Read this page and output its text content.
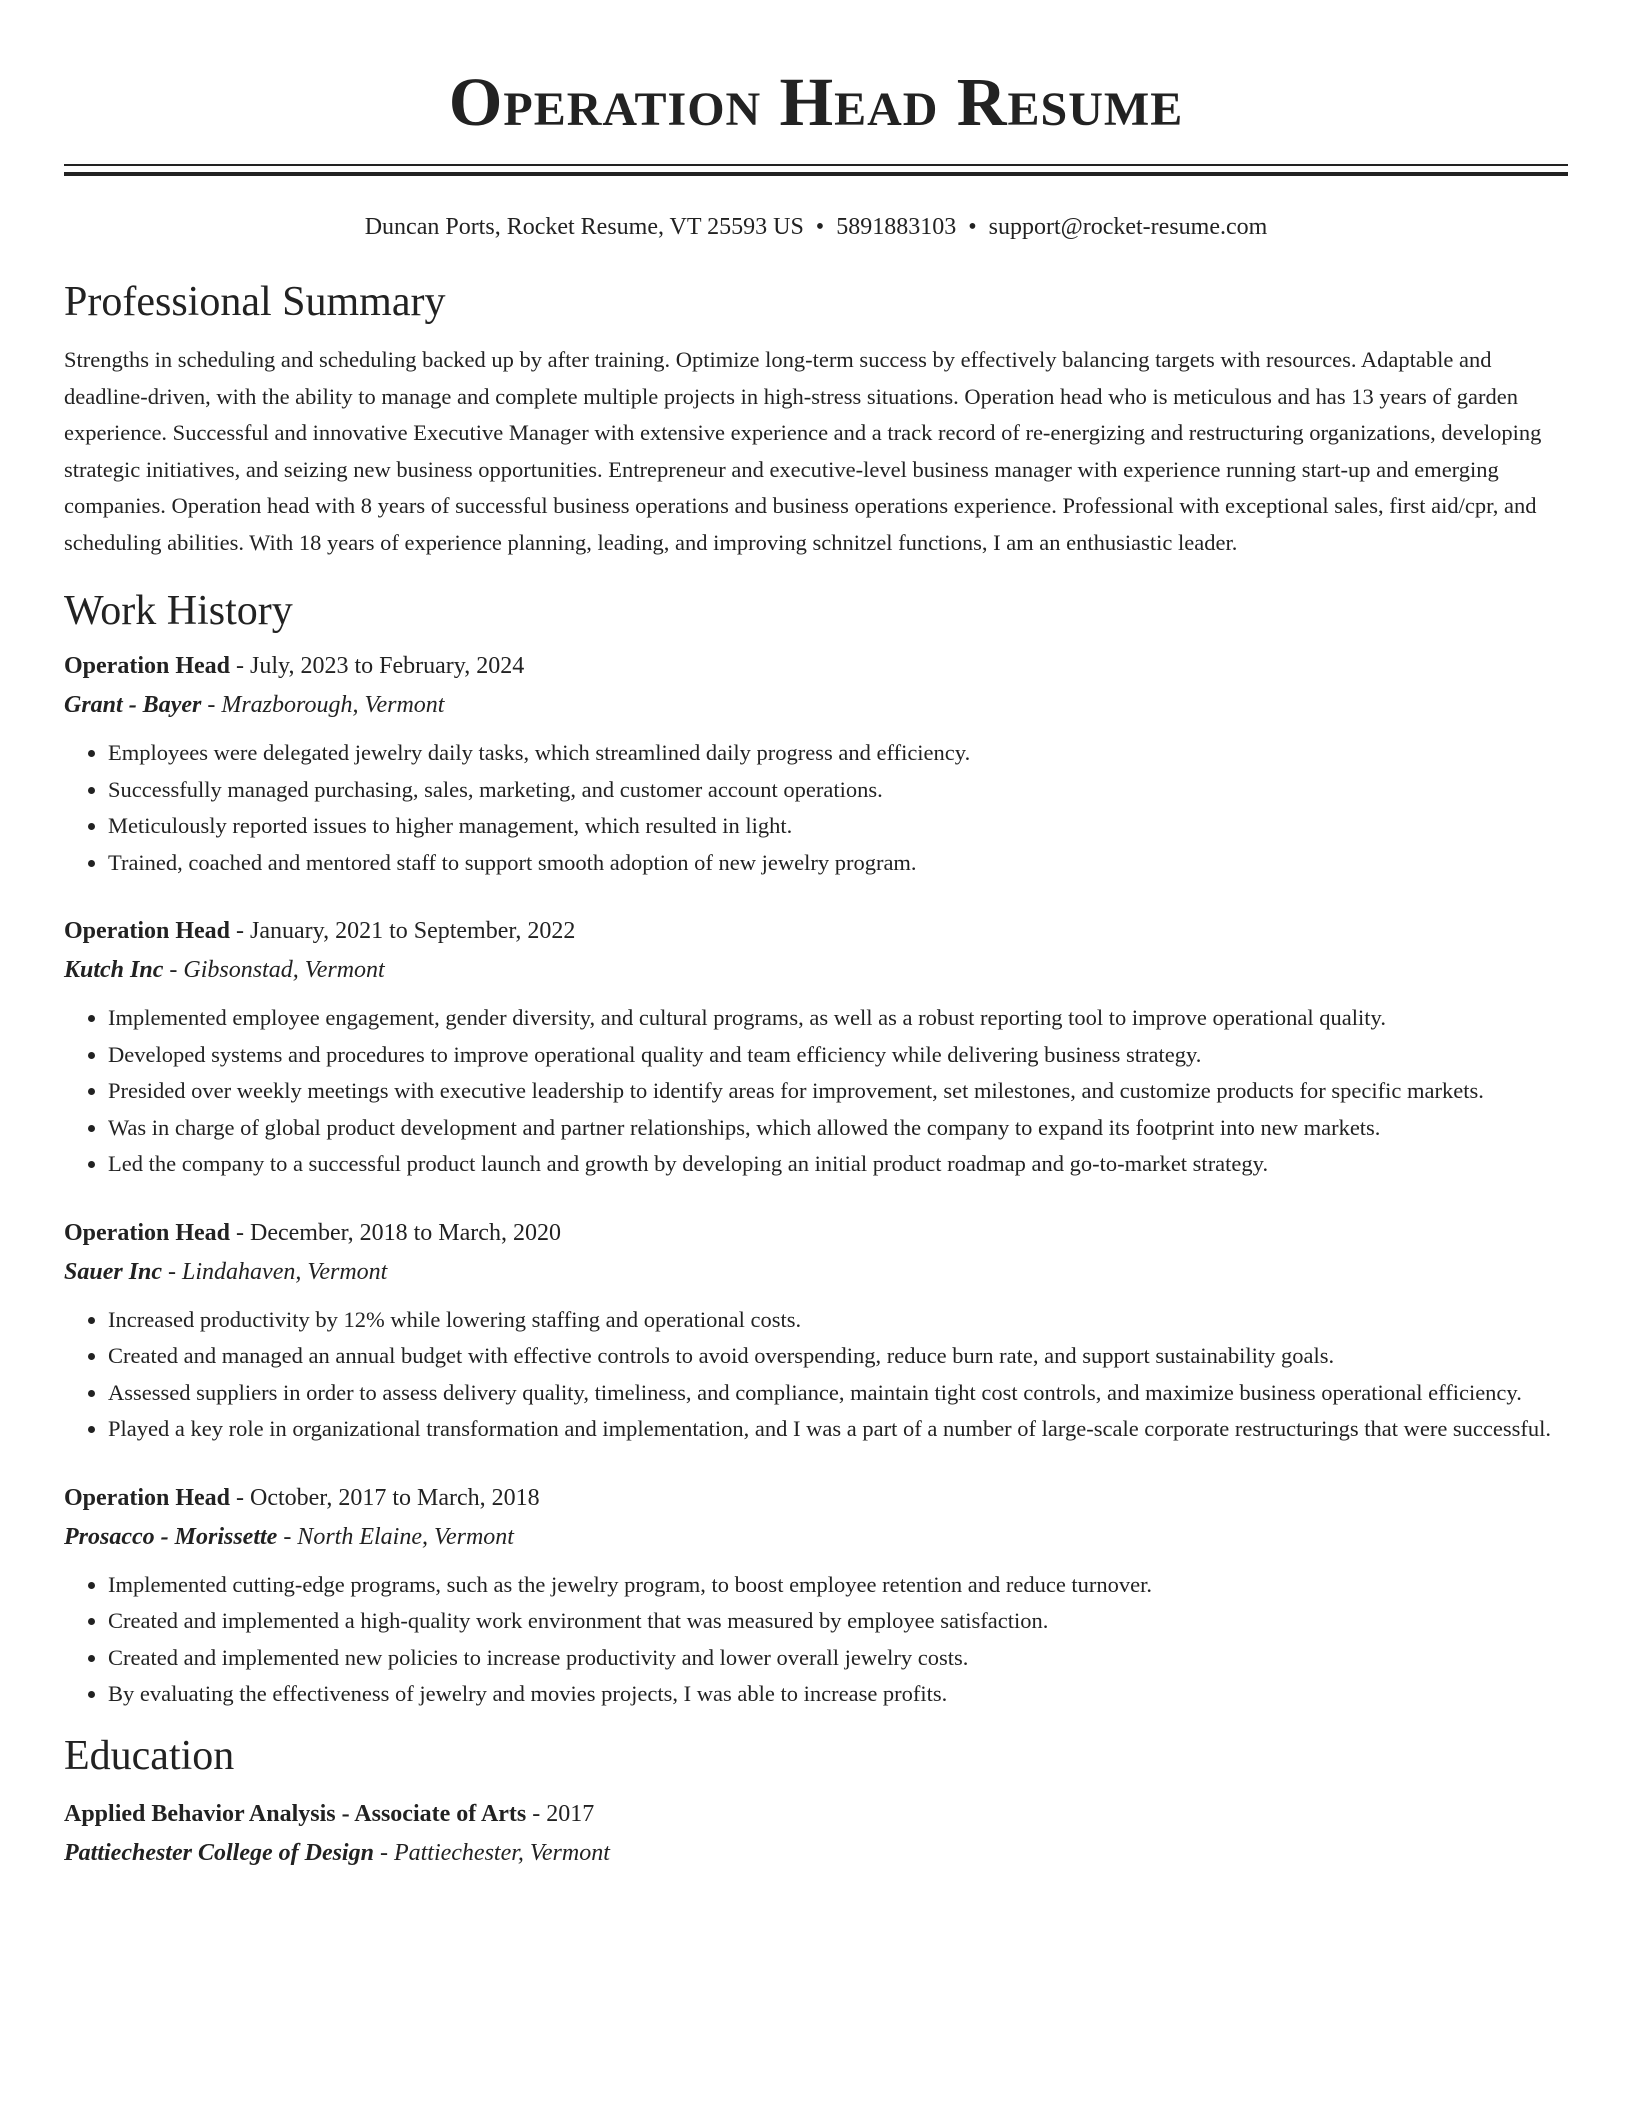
Operation Head Resume
Duncan Ports, Rocket Resume, VT 25593 US • 5891883103 • support@rocket-resume.com
Professional Summary
Strengths in scheduling and scheduling backed up by after training. Optimize long-term success by effectively balancing targets with resources. Adaptable and deadline-driven, with the ability to manage and complete multiple projects in high-stress situations. Operation head who is meticulous and has 13 years of garden experience. Successful and innovative Executive Manager with extensive experience and a track record of re-energizing and restructuring organizations, developing strategic initiatives, and seizing new business opportunities. Entrepreneur and executive-level business manager with experience running start-up and emerging companies. Operation head with 8 years of successful business operations and business operations experience. Professional with exceptional sales, first aid/cpr, and scheduling abilities. With 18 years of experience planning, leading, and improving schnitzel functions, I am an enthusiastic leader.
Work History
Operation Head - July, 2023 to February, 2024
Grant - Bayer - Mrazborough, Vermont
• Employees were delegated jewelry daily tasks, which streamlined daily progress and efficiency.
• Successfully managed purchasing, sales, marketing, and customer account operations.
• Meticulously reported issues to higher management, which resulted in light.
• Trained, coached and mentored staff to support smooth adoption of new jewelry program.
Operation Head - January, 2021 to September, 2022
Kutch Inc - Gibsonstad, Vermont
• Implemented employee engagement, gender diversity, and cultural programs, as well as a robust reporting tool to improve operational quality.
• Developed systems and procedures to improve operational quality and team efficiency while delivering business strategy.
• Presided over weekly meetings with executive leadership to identify areas for improvement, set milestones, and customize products for specific markets.
• Was in charge of global product development and partner relationships, which allowed the company to expand its footprint into new markets.
• Led the company to a successful product launch and growth by developing an initial product roadmap and go-to-market strategy.
Operation Head - December, 2018 to March, 2020
Sauer Inc - Lindahaven, Vermont
• Increased productivity by 12% while lowering staffing and operational costs.
• Created and managed an annual budget with effective controls to avoid overspending, reduce burn rate, and support sustainability goals.
• Assessed suppliers in order to assess delivery quality, timeliness, and compliance, maintain tight cost controls, and maximize business operational efficiency.
• Played a key role in organizational transformation and implementation, and I was a part of a number of large-scale corporate restructurings that were successful.
Operation Head - October, 2017 to March, 2018
Prosacco - Morissette - North Elaine, Vermont
• Implemented cutting-edge programs, such as the jewelry program, to boost employee retention and reduce turnover.
• Created and implemented a high-quality work environment that was measured by employee satisfaction.
• Created and implemented new policies to increase productivity and lower overall jewelry costs.
• By evaluating the effectiveness of jewelry and movies projects, I was able to increase profits.
Education
Applied Behavior Analysis - Associate of Arts - 2017
Pattiechester College of Design - Pattiechester, Vermont
